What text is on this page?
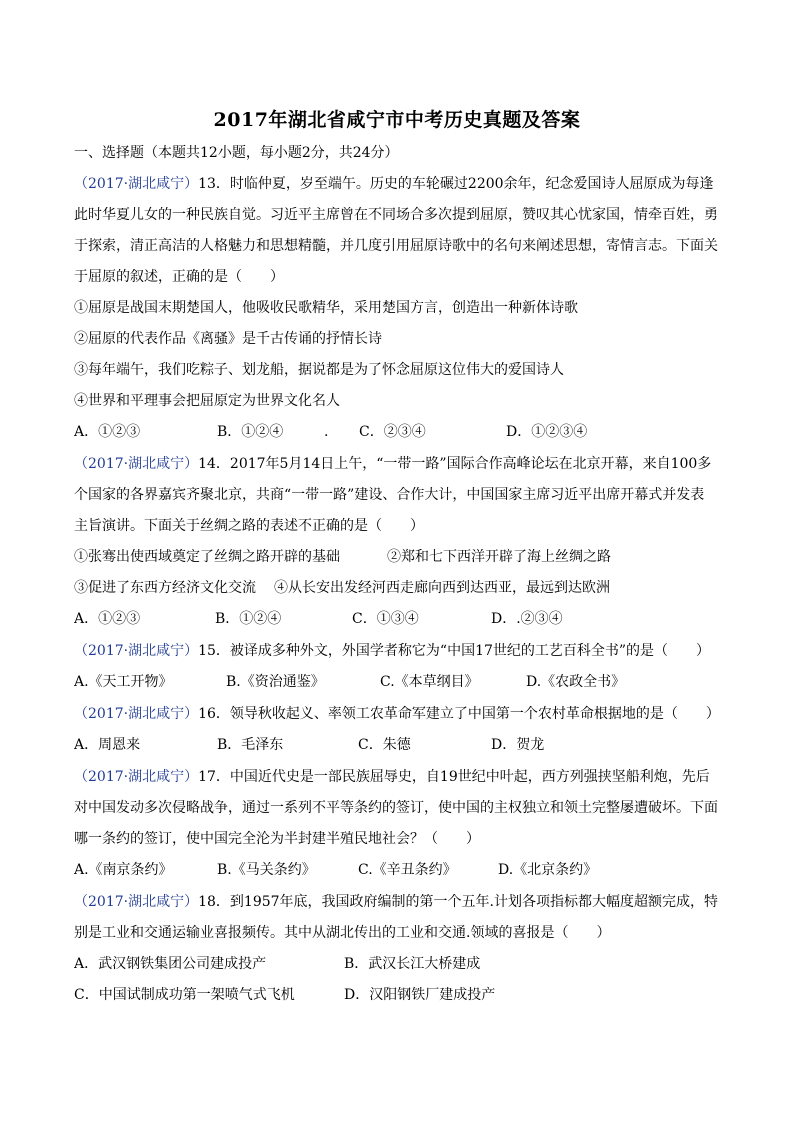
2017年湖北省咸宁市中考历史真题及答案
一、选择题（本题共12小题，每小题2分，共24分）
（2017·湖北咸宁）13．时临仲夏，岁至端午。历史的车轮碾过2200余年，纪念爱国诗人屈原成为每逢
此时华夏儿女的一种民族自觉。习近平主席曾在不同场合多次提到屈原，赞叹其心忧家国，情牵百姓，勇
于探索，清正高洁的人格魅力和思想精髓，并几度引用屈原诗歌中的名句来阐述思想，寄情言志。下面关
于屈原的叙述，正确的是（　　）
①屈原是战国末期楚国人，他吸收民歌精华，采用楚国方言，创造出一种新体诗歌
②屈原的代表作品《离骚》是千古传诵的抒情长诗
③每年端午，我们吃粽子、划龙船，据说都是为了怀念屈原这位伟大的爱国诗人
④世界和平理事会把屈原定为世界文化名人
A．①②③	B．①②④	. C．②③④	D．①②③④
（2017·湖北咸宁）14．2017年5月14日上午，“一带一路”国际合作高峰论坛在北京开幕，来自100多
个国家的各界嘉宾齐聚北京，共商“一带一路”建设、合作大计，中国国家主席习近平出席开幕式并发表
主旨演讲。下面关于丝绸之路的表述不正确的是（　　）
①张骞出使西域奠定了丝绸之路开辟的基础	②郑和七下西洋开辟了海上丝绸之路
③促进了东西方经济文化交流 ④从长安出发经河西走廊向西到达西亚，最远到达欧洲
A．①②③	B．①②④	C．①③④	D．.②③④
（2017·湖北咸宁）15．被译成多种外文，外国学者称它为“中国17世纪的工艺百科全书”的是（　　）
A.《天工开物》	B.《资治通鉴》	C.《本草纲目》	D.《农政全书》
（2017·湖北咸宁）16．领导秋收起义、率领工农革命军建立了中国第一个农村革命根据地的是（　　）
A．周恩来	B．毛泽东	C．朱德	D．贺龙
（2017·湖北咸宁）17．中国近代史是一部民族屈辱史，自19世纪中叶起，西方列强挟坚船利炮，先后
对中国发动多次侵略战争，通过一系列不平等条约的签订，使中国的主权独立和领土完整屡遭破坏。下面
哪一条约的签订，使中国完全沦为半封建半殖民地社会？（　　）
A.《南京条约》	B.《马关条约》	C.《辛丑条约》	D.《北京条约》
（2017·湖北咸宁）18．到1957年底，我国政府编制的第一个五年.计划各项指标都大幅度超额完成，特
别是工业和交通运输业喜报频传。其中从湖北传出的工业和交通.领域的喜报是（　　）
A．武汉钢铁集团公司建成投产	B．武汉长江大桥建成
C．中国试制成功第一架喷气式飞机	D．汉阳钢铁厂建成投产
